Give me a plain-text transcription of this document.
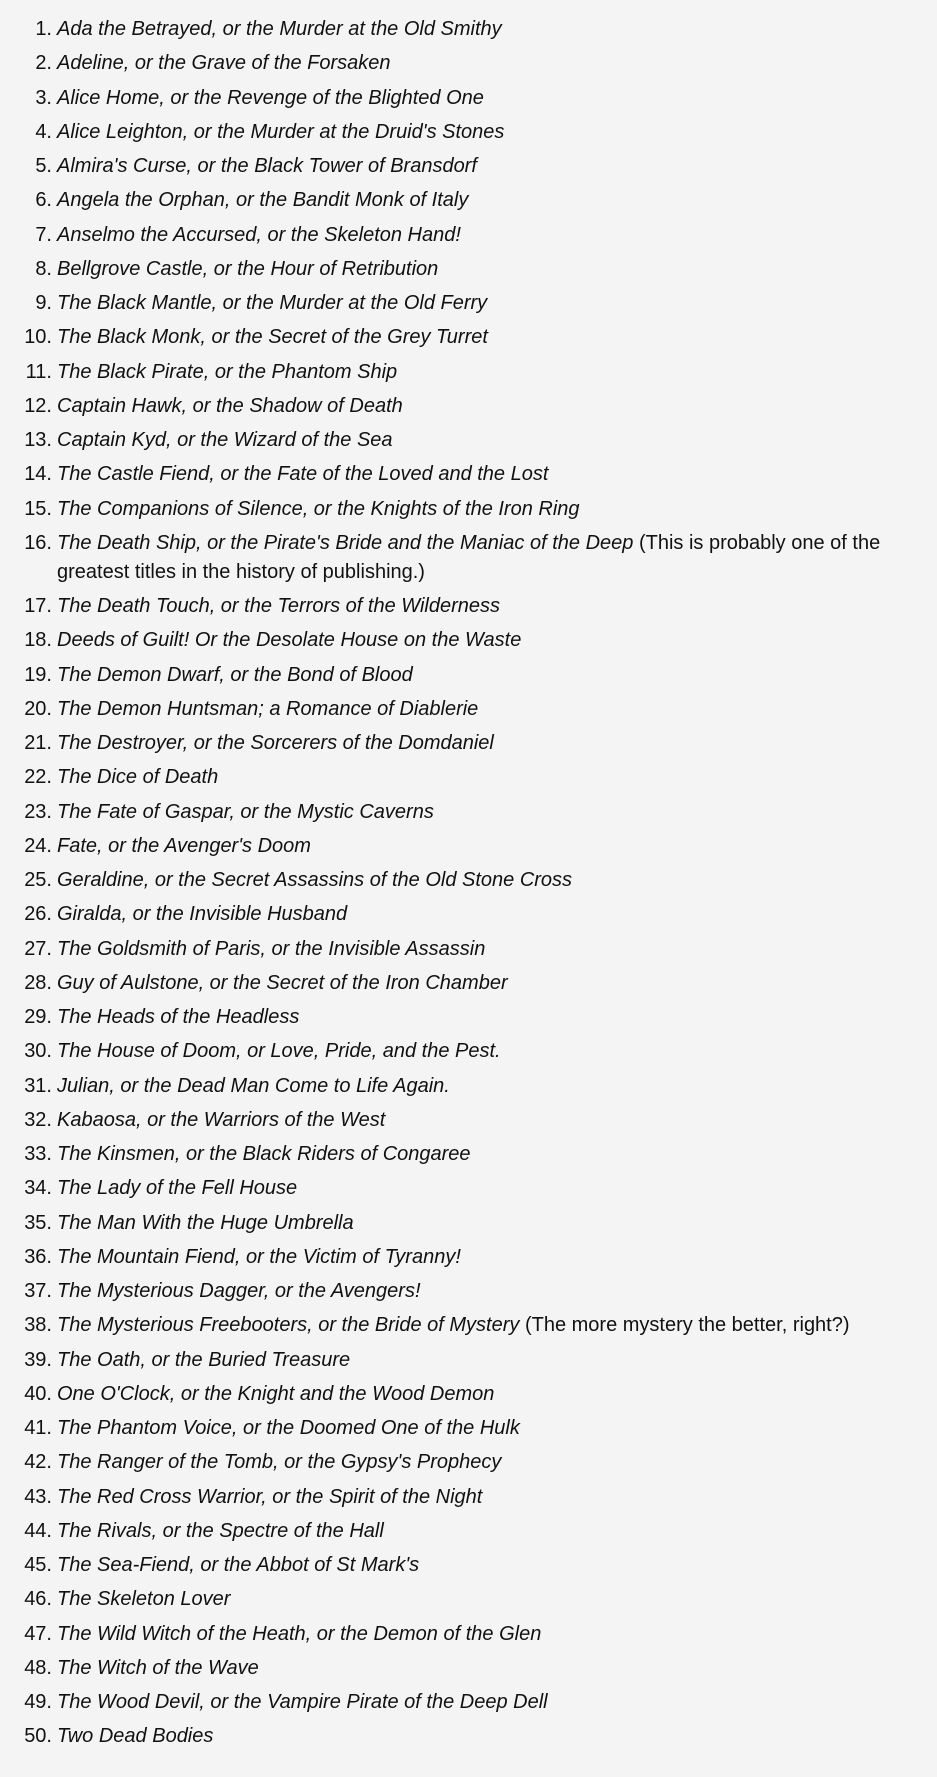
1. Ada the Betrayed, or the Murder at the Old Smithy
2. Adeline, or the Grave of the Forsaken
3. Alice Home, or the Revenge of the Blighted One
4. Alice Leighton, or the Murder at the Druid's Stones
5. Almira's Curse, or the Black Tower of Bransdorf
6. Angela the Orphan, or the Bandit Monk of Italy
7. Anselmo the Accursed, or the Skeleton Hand!
8. Bellgrove Castle, or the Hour of Retribution
9. The Black Mantle, or the Murder at the Old Ferry
10. The Black Monk, or the Secret of the Grey Turret
11. The Black Pirate, or the Phantom Ship
12. Captain Hawk, or the Shadow of Death
13. Captain Kyd, or the Wizard of the Sea
14. The Castle Fiend, or the Fate of the Loved and the Lost
15. The Companions of Silence, or the Knights of the Iron Ring
16. The Death Ship, or the Pirate's Bride and the Maniac of the Deep (This is probably one of the greatest titles in the history of publishing.)
17. The Death Touch, or the Terrors of the Wilderness
18. Deeds of Guilt! Or the Desolate House on the Waste
19. The Demon Dwarf, or the Bond of Blood
20. The Demon Huntsman; a Romance of Diablerie
21. The Destroyer, or the Sorcerers of the Domdaniel
22. The Dice of Death
23. The Fate of Gaspar, or the Mystic Caverns
24. Fate, or the Avenger's Doom
25. Geraldine, or the Secret Assassins of the Old Stone Cross
26. Giralda, or the Invisible Husband
27. The Goldsmith of Paris, or the Invisible Assassin
28. Guy of Aulstone, or the Secret of the Iron Chamber
29. The Heads of the Headless
30. The House of Doom, or Love, Pride, and the Pest.
31. Julian, or the Dead Man Come to Life Again.
32. Kabaosa, or the Warriors of the West
33. The Kinsmen, or the Black Riders of Congaree
34. The Lady of the Fell House
35. The Man With the Huge Umbrella
36. The Mountain Fiend, or the Victim of Tyranny!
37. The Mysterious Dagger, or the Avengers!
38. The Mysterious Freebooters, or the Bride of Mystery (The more mystery the better, right?)
39. The Oath, or the Buried Treasure
40. One O'Clock, or the Knight and the Wood Demon
41. The Phantom Voice, or the Doomed One of the Hulk
42. The Ranger of the Tomb, or the Gypsy's Prophecy
43. The Red Cross Warrior, or the Spirit of the Night
44. The Rivals, or the Spectre of the Hall
45. The Sea-Fiend, or the Abbot of St Mark's
46. The Skeleton Lover
47. The Wild Witch of the Heath, or the Demon of the Glen
48. The Witch of the Wave
49. The Wood Devil, or the Vampire Pirate of the Deep Dell
50. Two Dead Bodies
